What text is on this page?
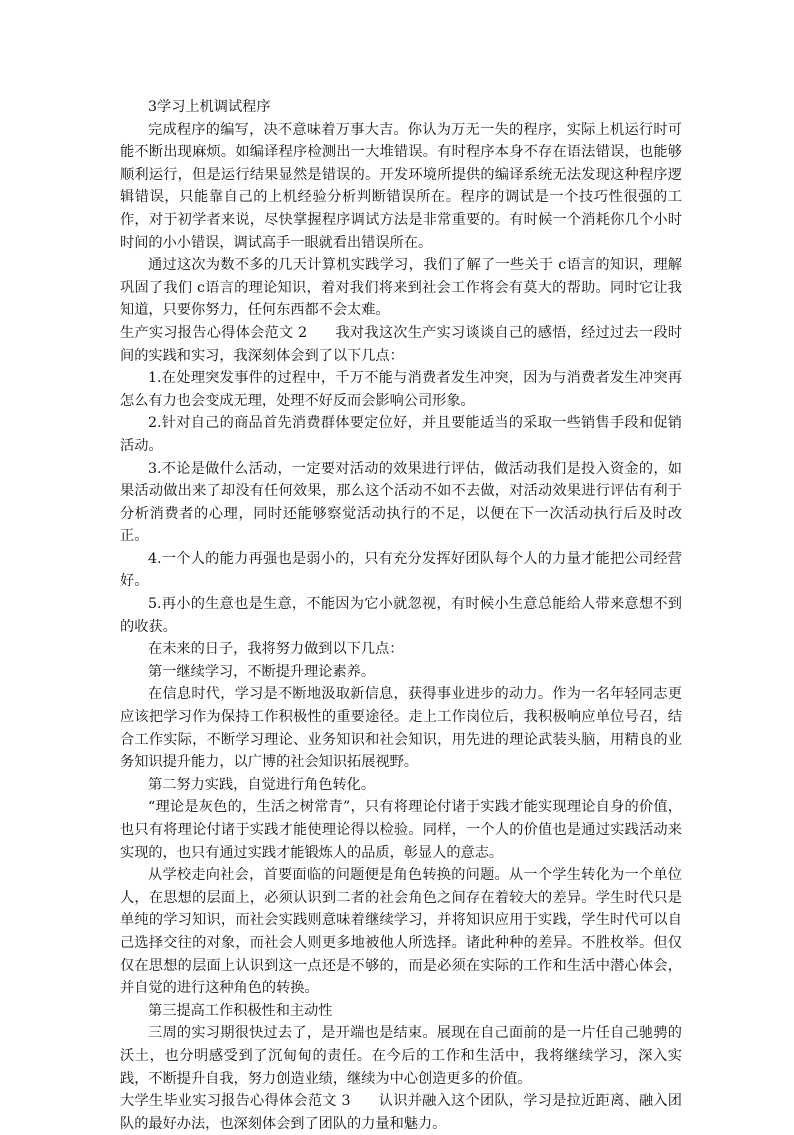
3学习上机调试程序

完成程序的编写，决不意味着万事大吉。你认为万无一失的程序，实际上机运行时可能不断出现麻烦。如编译程序检测出一大堆错误。有时程序本身不存在语法错误，也能够顺利运行，但是运行结果显然是错误的。开发环境所提供的编译系统无法发现这种程序逻辑错误，只能靠自己的上机经验分析判断错误所在。程序的调试是一个技巧性很强的工作，对于初学者来说，尽快掌握程序调试方法是非常重要的。有时候一个消耗你几个小时时间的小小错误，调试高手一眼就看出错误所在。

通过这次为数不多的几天计算机实践学习，我们了解了一些关于 c语言的知识，理解巩固了我们 c语言的理论知识，着对我们将来到社会工作将会有莫大的帮助。同时它让我知道，只要你努力，任何东西都不会太难。

生产实习报告心得体会范文 2 我对我这次生产实习谈谈自己的感悟，经过过去一段时间的实践和实习，我深刻体会到了以下几点：

1.在处理突发事件的过程中，千万不能与消费者发生冲突，因为与消费者发生冲突再怎么有力也会变成无理，处理不好反而会影响公司形象。

2.针对自己的商品首先消费群体要定位好，并且要能适当的采取一些销售手段和促销活动。

3.不论是做什么活动，一定要对活动的效果进行评估，做活动我们是投入资金的，如果活动做出来了却没有任何效果，那么这个活动不如不去做，对活动效果进行评估有利于分析消费者的心理，同时还能够察觉活动执行的不足，以便在下一次活动执行后及时改正。

4.一个人的能力再强也是弱小的，只有充分发挥好团队每个人的力量才能把公司经营好。

5.再小的生意也是生意，不能因为它小就忽视，有时候小生意总能给人带来意想不到的收获。

在未来的日子，我将努力做到以下几点：

第一继续学习，不断提升理论素养。

在信息时代，学习是不断地汲取新信息，获得事业进步的动力。作为一名年轻同志更应该把学习作为保持工作积极性的重要途径。走上工作岗位后，我积极响应单位号召，结合工作实际，不断学习理论、业务知识和社会知识，用先进的理论武装头脑，用精良的业务知识提升能力，以广博的社会知识拓展视野。

第二努力实践，自觉进行角色转化。

“理论是灰色的，生活之树常青”，只有将理论付诸于实践才能实现理论自身的价值，也只有将理论付诸于实践才能使理论得以检验。同样，一个人的价值也是通过实践活动来实现的，也只有通过实践才能锻炼人的品质，彰显人的意志。

从学校走向社会，首要面临的问题便是角色转换的问题。从一个学生转化为一个单位人，在思想的层面上，必须认识到二者的社会角色之间存在着较大的差异。学生时代只是单纯的学习知识，而社会实践则意味着继续学习，并将知识应用于实践，学生时代可以自己选择交往的对象，而社会人则更多地被他人所选择。诸此种种的差异。不胜枚举。但仅仅在思想的层面上认识到这一点还是不够的，而是必须在实际的工作和生活中潜心体会，并自觉的进行这种角色的转换。

第三提高工作积极性和主动性

三周的实习期很快过去了，是开端也是结束。展现在自己面前的是一片任自己驰骋的沃土，也分明感受到了沉甸甸的责任。在今后的工作和生活中，我将继续学习，深入实践，不断提升自我，努力创造业绩，继续为中心创造更多的价值。

大学生毕业实习报告心得体会范文 3 认识并融入这个团队，学习是拉近距离、融入团队的最好办法，也深刻体会到了团队的力量和魅力。
